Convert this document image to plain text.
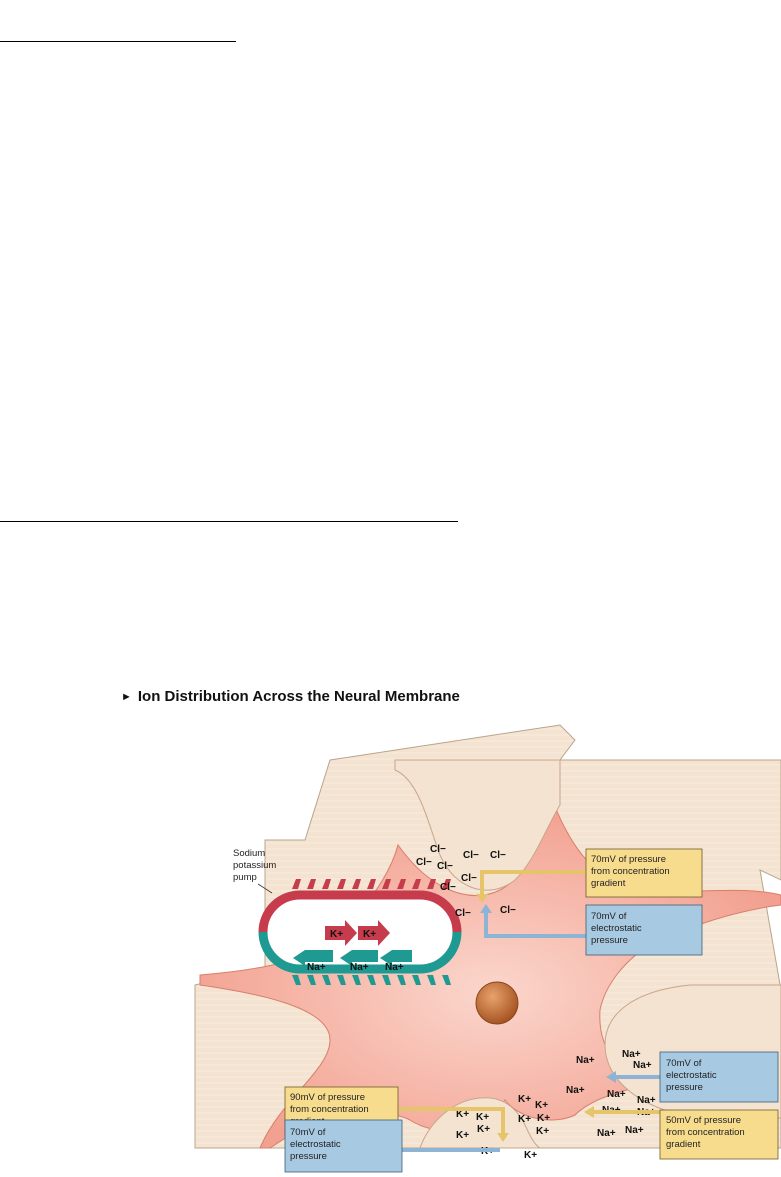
► Ion Distribution Across the Neural Membrane
K+ K+
Na+ Na+ Na+
Sodium
potassium
pump
Cl−
Cl−
Cl− Cl−
Cl−
Cl−
Cl−
Cl−	Cl−
Na+
Na+
Na+
Na+ Na+
Na+
Na+ Na+
Na+ Na+
K+
K+
K+ K+	K+ K+
K+	K+
K+
K+	K+
70mV of pressure
from concentration
gradient
70mV of
electrostatic
pressure
70mV of
electrostatic
pressure
50mV of pressure
from concentration
gradient
90mV of pressure
from concentration
70mV of
electrostatic
pressure
